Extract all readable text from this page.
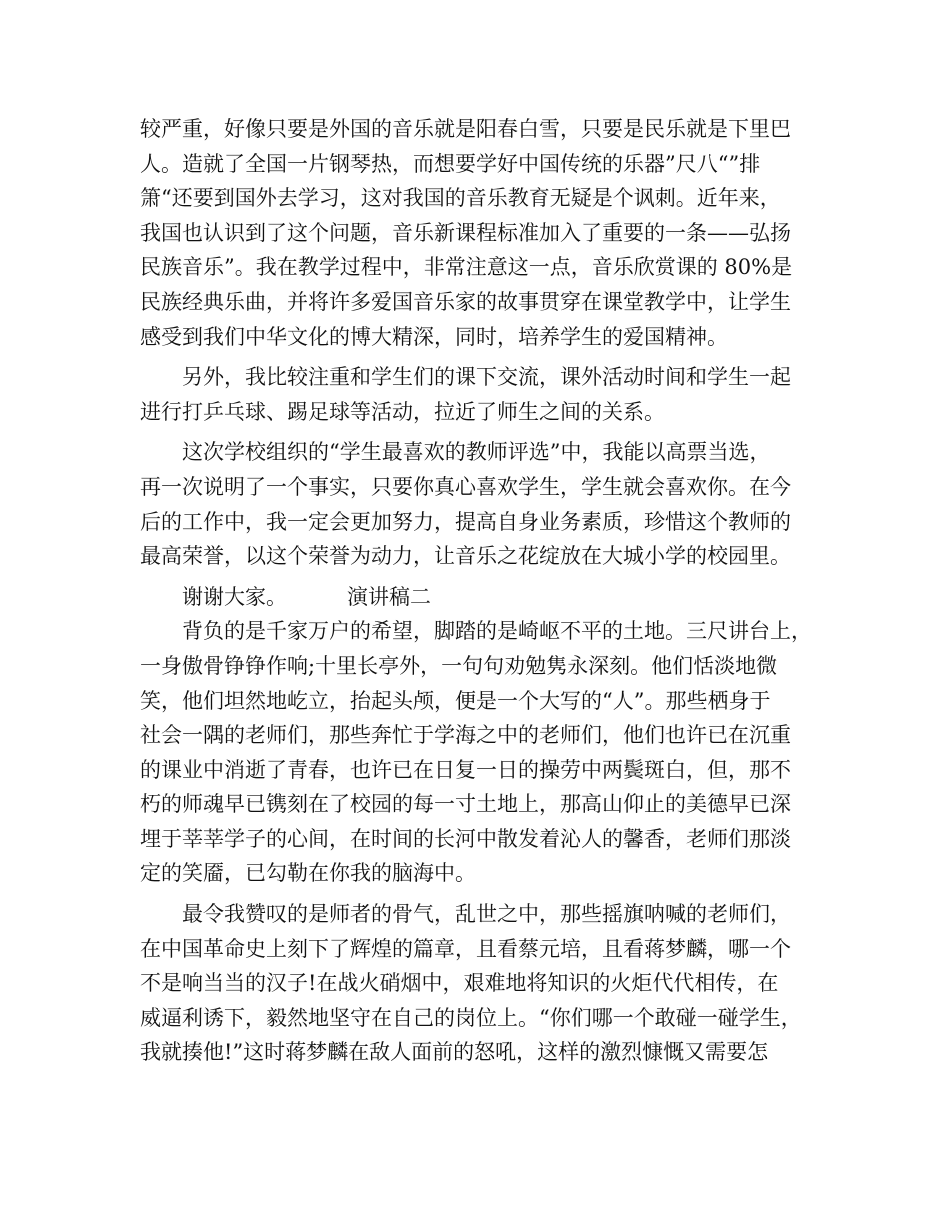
较严重，好像只要是外国的音乐就是阳春白雪，只要是民乐就是下里巴
人。造就了全国一片钢琴热，而想要学好中国传统的乐器”尺八“”排
箫“还要到国外去学习，这对我国的音乐教育无疑是个讽刺。近年来，
我国也认识到了这个问题，音乐新课程标准加入了重要的一条——弘扬
民族音乐”。我在教学过程中，非常注意这一点，音乐欣赏课的 80%是
民族经典乐曲，并将许多爱国音乐家的故事贯穿在课堂教学中，让学生
感受到我们中华文化的博大精深，同时，培养学生的爱国精神。
另外，我比较注重和学生们的课下交流，课外活动时间和学生一起
进行打乒乓球、踢足球等活动，拉近了师生之间的关系。
这次学校组织的“学生最喜欢的教师评选”中，我能以高票当选，
再一次说明了一个事实，只要你真心喜欢学生，学生就会喜欢你。在今
后的工作中，我一定会更加努力，提高自身业务素质，珍惜这个教师的
最高荣誉，以这个荣誉为动力，让音乐之花绽放在大城小学的校园里。
谢谢大家。	演讲稿二
背负的是千家万户的希望，脚踏的是崎岖不平的土地。三尺讲台上，
一身傲骨铮铮作响;十里长亭外，一句句劝勉隽永深刻。他们恬淡地微
笑，他们坦然地屹立，抬起头颅，便是一个大写的“人”。那些栖身于
社会一隅的老师们，那些奔忙于学海之中的老师们，他们也许已在沉重
的课业中消逝了青春，也许已在日复一日的操劳中两鬓斑白，但，那不
朽的师魂早已镌刻在了校园的每一寸土地上，那高山仰止的美德早已深
埋于莘莘学子的心间，在时间的长河中散发着沁人的馨香，老师们那淡
定的笑靥，已勾勒在你我的脑海中。
最令我赞叹的是师者的骨气，乱世之中，那些摇旗呐喊的老师们，
在中国革命史上刻下了辉煌的篇章，且看蔡元培，且看蒋梦麟，哪一个
不是响当当的汉子!在战火硝烟中，艰难地将知识的火炬代代相传，在
威逼利诱下，毅然地坚守在自己的岗位上。“你们哪一个敢碰一碰学生，
我就揍他!”这时蒋梦麟在敌人面前的怒吼，这样的激烈慷慨又需要怎
